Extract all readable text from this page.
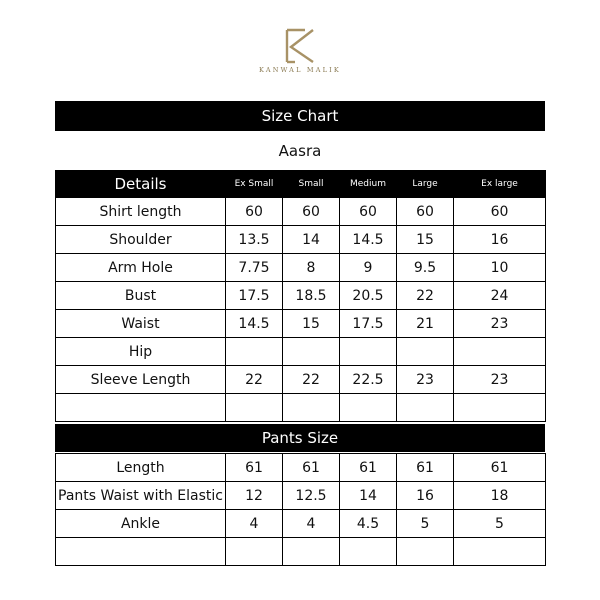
KANWAL MALIK
Size Chart
Aasra
Details	Ex Small	Small	Medium	Large	Ex large
Shirt length	60	60	60	60	60
Shoulder	13.5	14	14.5	15	16
Arm Hole	7.75	8	9	9.5	10
Bust	17.5	18.5	20.5	22	24
Waist	14.5	15	17.5	21	23
Hip					
Sleeve Length	22	22	22.5	23	23

Pants Size
Length	61	61	61	61	61
Pants Waist with Elastic	12	12.5	14	16	18
Ankle	4	4	4.5	5	5
